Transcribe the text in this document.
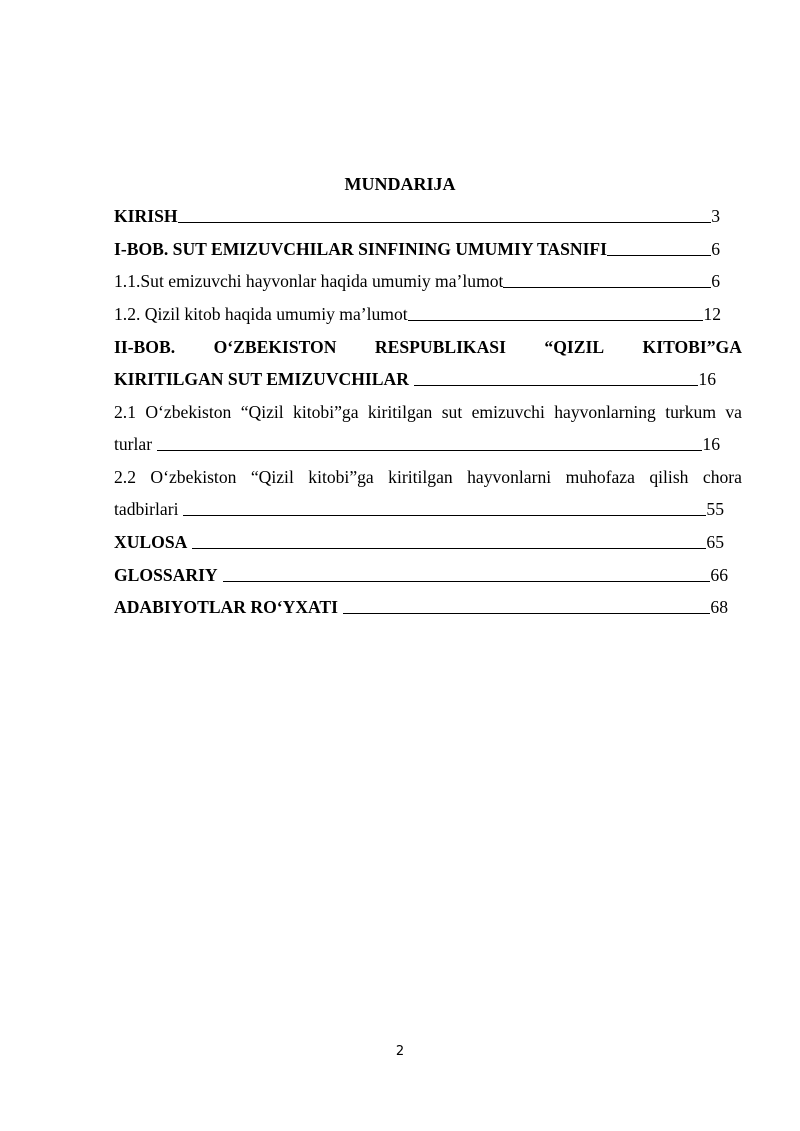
MUNDARIJA
KIRISH	3
I-BOB. SUT EMIZUVCHILAR SINFINING UMUMIY TASNIFI	6
1.1.Sut emizuvchi hayvonlar haqida umumiy ma’lumot	6
1.2. Qizil kitob haqida umumiy ma’lumot	12
II-BOB. O‘ZBEKISTON RESPUBLIKASI “QIZIL KITOBI”GA
KIRITILGAN SUT EMIZUVCHILAR	16
2.1 O‘zbekiston “Qizil kitobi”ga kiritilgan sut emizuvchi hayvonlarning turkum va
turlar	16
2.2 O‘zbekiston “Qizil kitobi”ga kiritilgan hayvonlarni muhofaza qilish chora
tadbirlari	55
XULOSA	65
GLOSSARIY	66
ADABIYOTLAR RO‘YXATI	68
2
